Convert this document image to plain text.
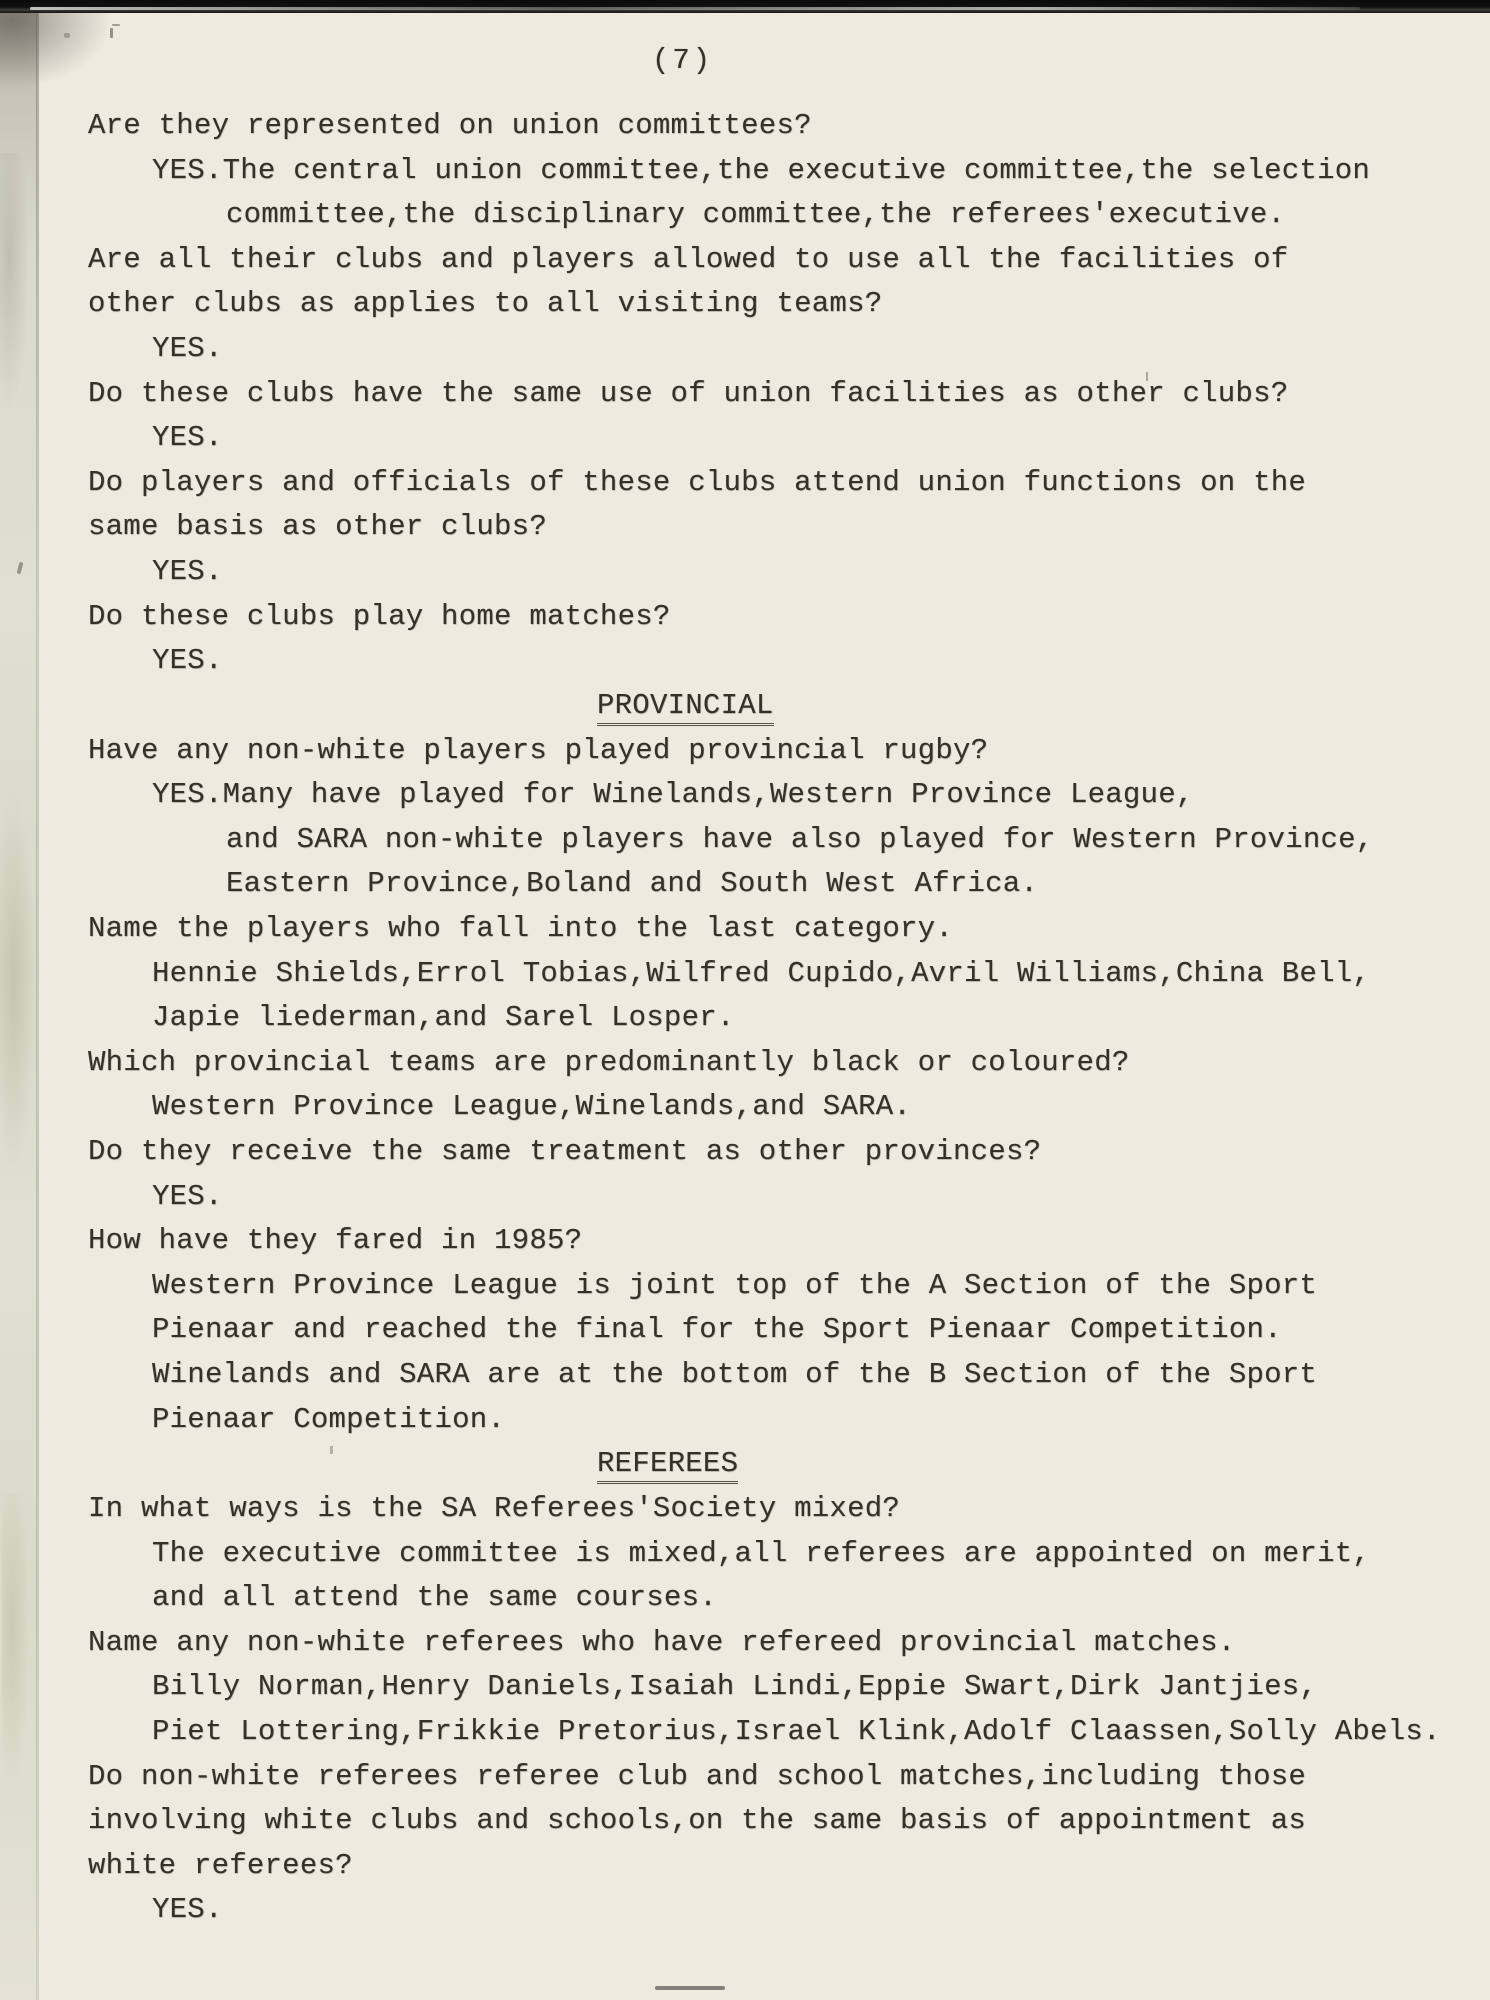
(7)
Are they represented on union committees?
YES.The central union committee,the executive committee,the selection
committee,the disciplinary committee,the referees'executive.
Are all their clubs and players allowed to use all the facilities of
other clubs as applies to all visiting teams?
YES.
Do these clubs have the same use of union facilities as other clubs?
YES.
Do players and officials of these clubs attend union functions on the
same basis as other clubs?
YES.
Do these clubs play home matches?
YES.
PROVINCIAL
Have any non-white players played provincial rugby?
YES.Many have played for Winelands,Western Province League,
and SARA non-white players have also played for Western Province,
Eastern Province,Boland and South West Africa.
Name the players who fall into the last category.
Hennie Shields,Errol Tobias,Wilfred Cupido,Avril Williams,China Bell,
Japie liederman,and Sarel Losper.
Which provincial teams are predominantly black or coloured?
Western Province League,Winelands,and SARA.
Do they receive the same treatment as other provinces?
YES.
How have they fared in 1985?
Western Province League is joint top of the A Section of the Sport
Pienaar and reached the final for the Sport Pienaar Competition.
Winelands and SARA are at the bottom of the B Section of the Sport
Pienaar Competition.
REFEREES
In what ways is the SA Referees'Society mixed?
The executive committee is mixed,all referees are appointed on merit,
and all attend the same courses.
Name any non-white referees who have refereed provincial matches.
Billy Norman,Henry Daniels,Isaiah Lindi,Eppie Swart,Dirk Jantjies,
Piet Lottering,Frikkie Pretorius,Israel Klink,Adolf Claassen,Solly Abels.
Do non-white referees referee club and school matches,including those
involving white clubs and schools,on the same basis of appointment as
white referees?
YES.
